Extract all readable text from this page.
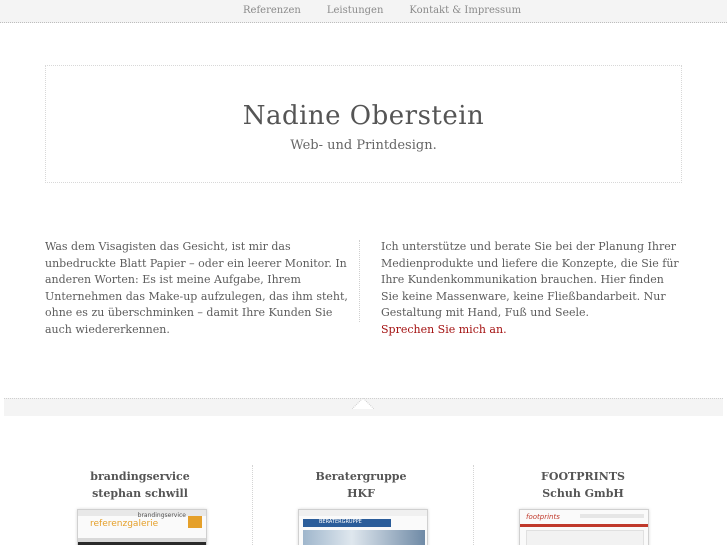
Referenzen	Leistungen	Kontakt & Impressum
Nadine Oberstein
Web- und Printdesign.
Was dem Visagisten das Gesicht, ist mir das unbedruckte Blatt Papier – oder ein leerer Monitor. In anderen Worten: Es ist meine Aufgabe, Ihrem Unternehmen das Make-up aufzulegen, das ihm steht, ohne es zu überschminken – damit Ihre Kunden Sie auch wiedererkennen.
Ich unterstütze und berate Sie bei der Planung Ihrer Medienprodukte und liefere die Konzepte, die Sie für Ihre Kundenkommunikation brauchen. Hier finden Sie keine Massenware, keine Fließbandarbeit. Nur Gestaltung mit Hand, Fuß und Seele.
Sprechen Sie mich an.
brandingservice
stephan schwill
Beratergruppe
HKF
FOOTPRINTS
Schuh GmbH
brandingservice
referenzgalerie	BERATERGRUPPE
footprints
